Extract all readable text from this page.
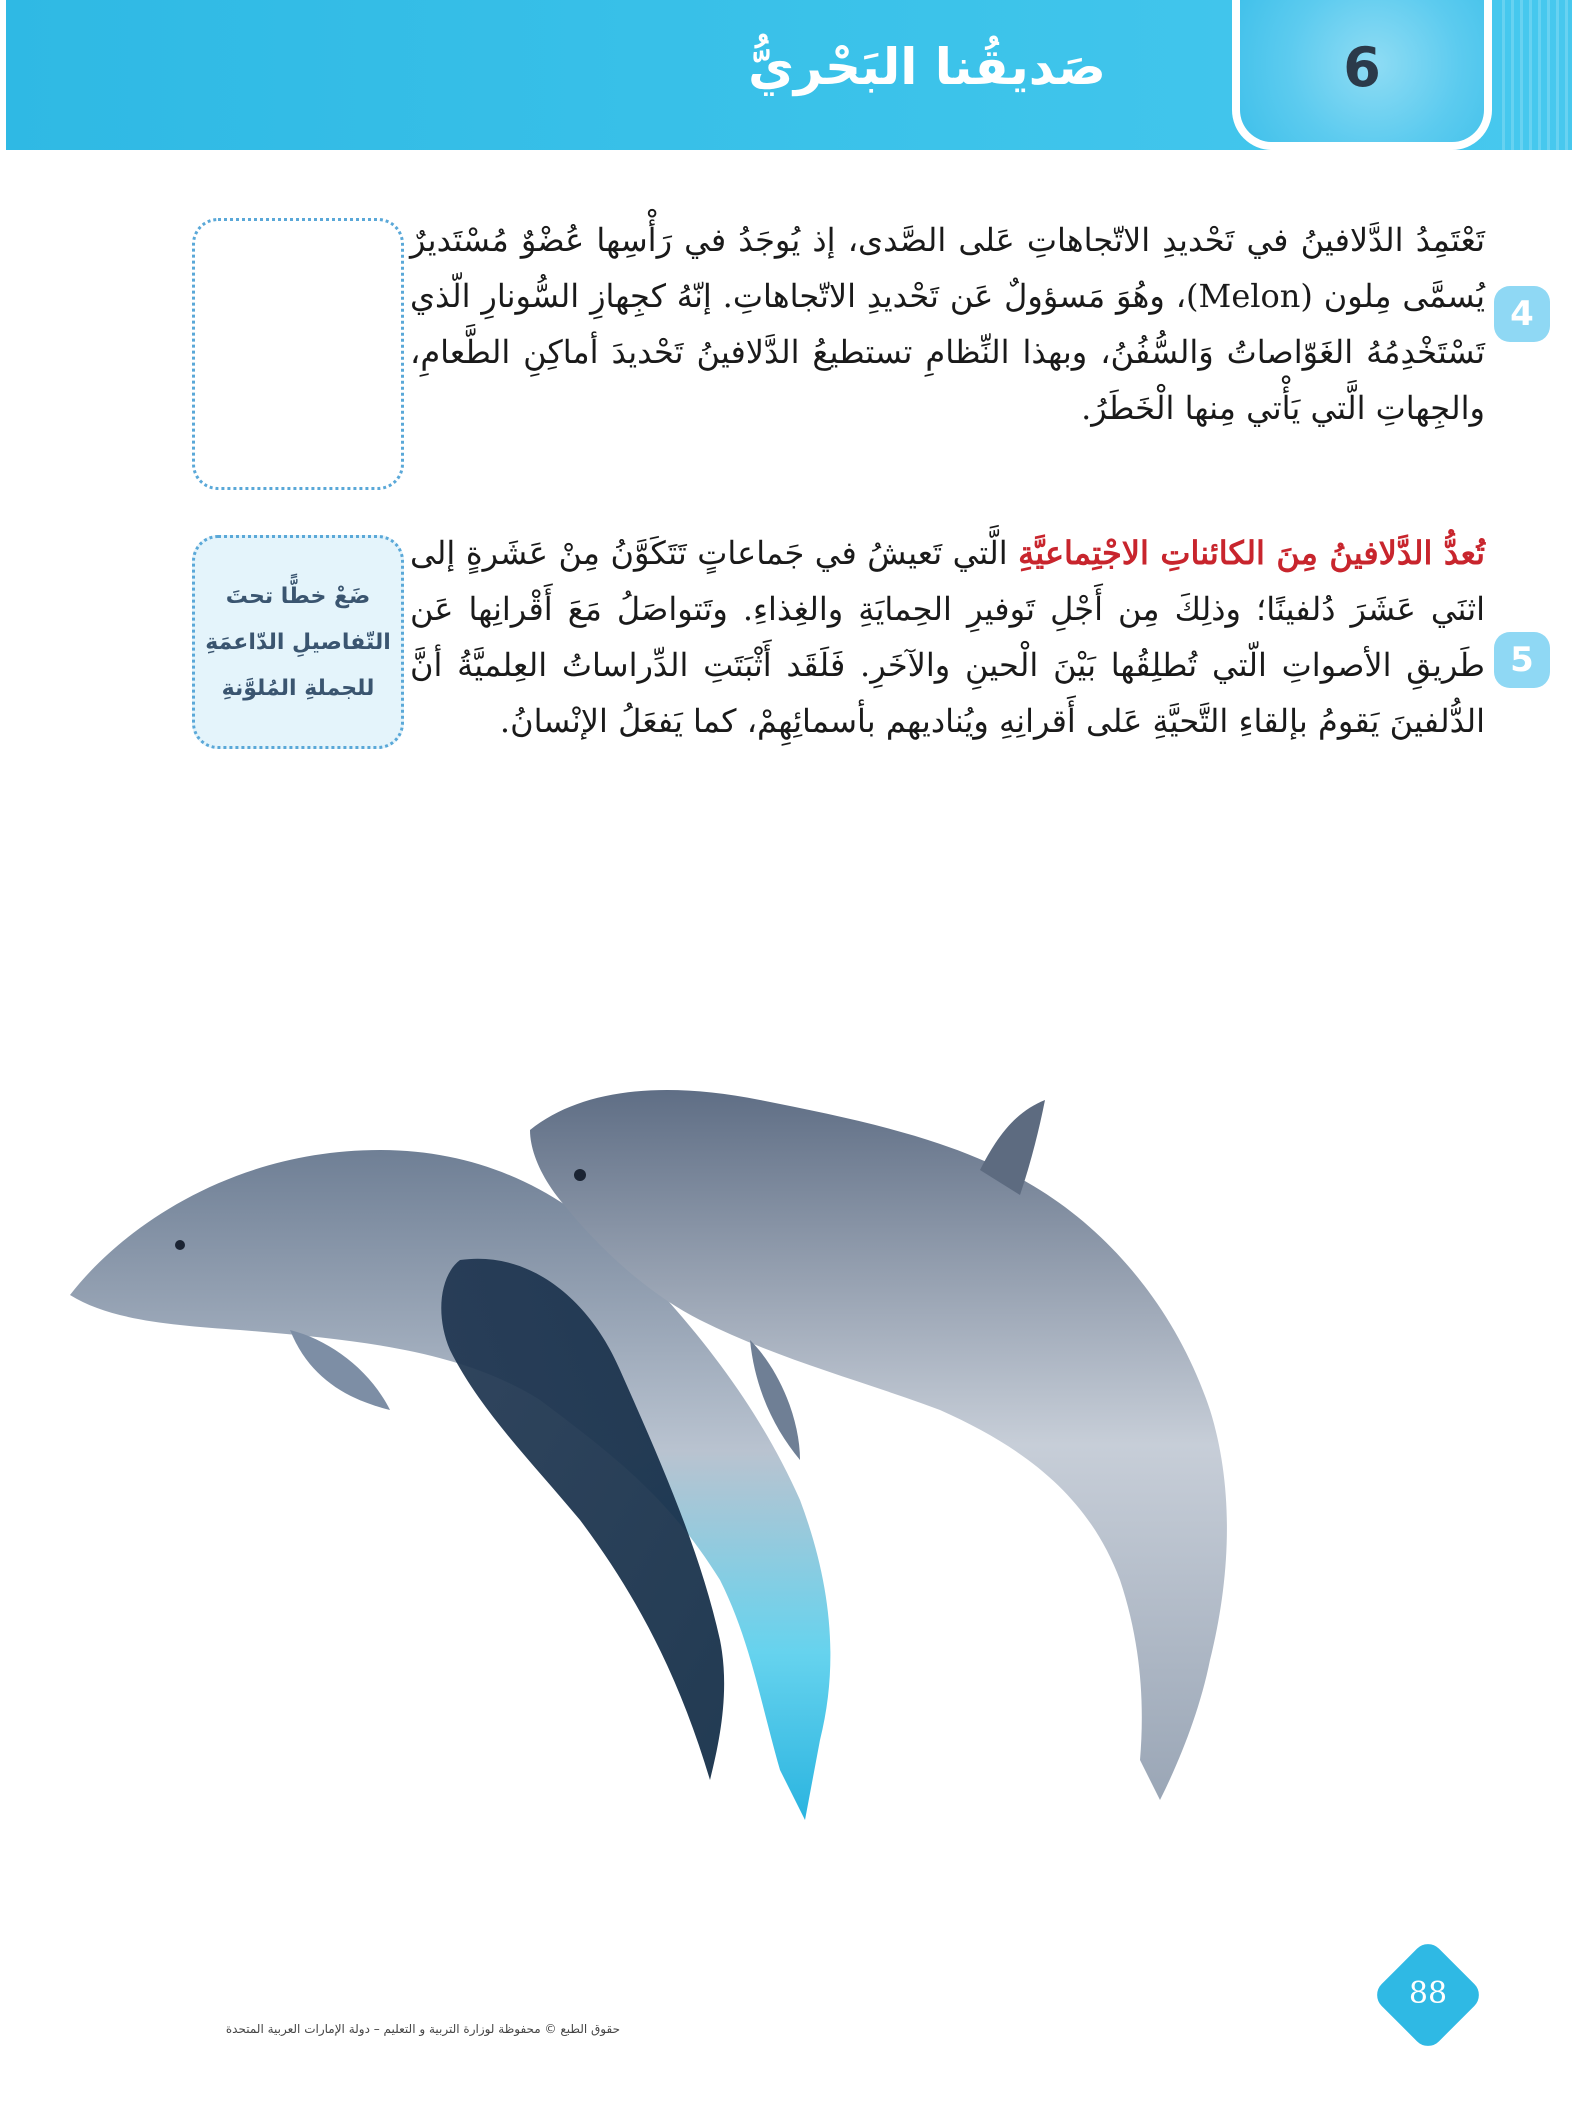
صَديقُنا البَحْريُّ	6
4
تَعْتَمِدُ الدَّلافينُ في تَحْديدِ الاتّجاهاتِ عَلى الصَّدى، إذ يُوجَدُ في رَأْسِها عُضْوٌ مُسْتَديرٌ يُسمَّى مِلون (Melon)، وهُوَ مَسؤولٌ عَن تَحْديدِ الاتّجاهاتِ. إنّهُ كجِهازِ السُّونارِ الّذي تَسْتَخْدِمُهُ الغَوّاصاتُ وَالسُّفُنُ، وبهذا النِّظامِ تستطيعُ الدَّلافينُ تَحْديدَ أماكِنِ الطَّعامِ، والجِهاتِ الَّتي يَأْتي مِنها الْخَطَرُ.
ضَعْ خطًّا تحتَ
التّفاصيلِ الدّاعمَةِ
للجملةِ المُلوَّنةِ
5
تُعدُّ الدَّلافينُ مِنَ الكائناتِ الاجْتِماعيَّةِ الَّتي تَعيشُ في جَماعاتٍ تَتَكَوَّنُ مِنْ عَشَرةٍ إلى اثنَي عَشَرَ دُلفينًا؛ وذلِكَ مِن أَجْلِ تَوفيرِ الحِمايَةِ والغِذاءِ. وتَتواصَلُ مَعَ أَقْرانِها عَن طَريقِ الأصواتِ الّتي تُطلِقُها بَيْنَ الْحينِ والآخَرِ. فَلَقَد أَثْبَتَتِ الدِّراساتُ العِلميَّةُ أنَّ الدُّلفينَ يَقومُ بإلقاءِ التَّحيَّةِ عَلى أَقرانِهِ ويُناديهم بأسمائِهِمْ، كما يَفعَلُ الإنْسانُ.
حقوق الطبع © محفوظة لوزارة التربية و التعليم – دولة الإمارات العربية المتحدة
88
